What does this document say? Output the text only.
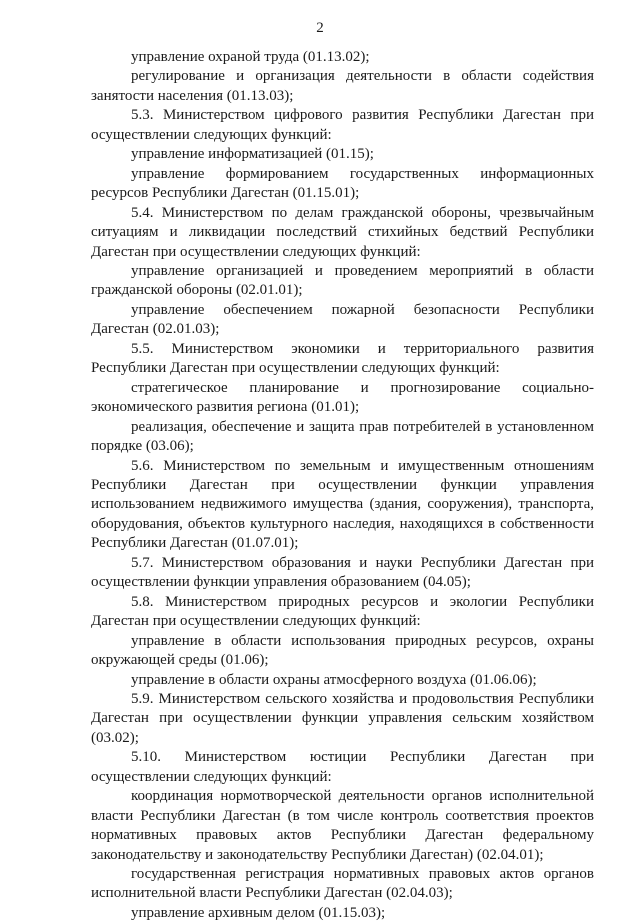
2

управление охраной труда (01.13.02);

регулирование и организация деятельности в области содействия занятости населения (01.13.03);

5.3. Министерством цифрового развития Республики Дагестан при осуществлении следующих функций:

управление информатизацией (01.15);

управление формированием государственных информационных ресурсов Республики Дагестан (01.15.01);

5.4. Министерством по делам гражданской обороны, чрезвычайным ситуациям и ликвидации последствий стихийных бедствий Республики Дагестан при осуществлении следующих функций:

управление организацией и проведением мероприятий в области гражданской обороны (02.01.01);

управление обеспечением пожарной безопасности Республики Дагестан (02.01.03);

5.5. Министерством экономики и территориального развития Республики Дагестан при осуществлении следующих функций:

стратегическое планирование и прогнозирование социально-экономического развития региона (01.01);

реализация, обеспечение и защита прав потребителей в установленном порядке (03.06);

5.6. Министерством по земельным и имущественным отношениям Республики Дагестан при осуществлении функции управления использованием недвижимого имущества (здания, сооружения), транспорта, оборудования, объектов культурного наследия, находящихся в собственности Республики Дагестан (01.07.01);

5.7. Министерством образования и науки Республики Дагестан при осуществлении функции управления образованием (04.05);

5.8. Министерством природных ресурсов и экологии Республики Дагестан при осуществлении следующих функций:

управление в области использования природных ресурсов, охраны окружающей среды (01.06);

управление в области охраны атмосферного воздуха (01.06.06);

5.9. Министерством сельского хозяйства и продовольствия Республики Дагестан при осуществлении функции управления сельским хозяйством (03.02);

5.10. Министерством юстиции Республики Дагестан при осуществлении следующих функций:

координация нормотворческой деятельности органов исполнительной власти Республики Дагестан (в том числе контроль соответствия проектов нормативных правовых актов Республики Дагестан федеральному законодательству и законодательству Республики Дагестан) (02.04.01);

государственная регистрация нормативных правовых актов органов исполнительной власти Республики Дагестан (02.04.03);

управление архивным делом (01.15.03);
